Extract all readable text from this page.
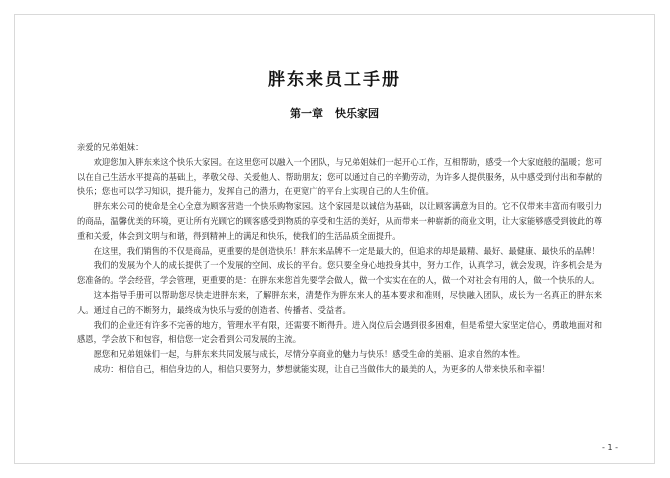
胖东来员工手册
第一章 快乐家园

亲爱的兄弟姐妹：

欢迎您加入胖东来这个快乐大家园。在这里您可以融入一个团队，与兄弟姐妹们一起开心工作，互相帮助，感受一个大家庭般的温暖；您可以在自己生活水平提高的基础上，孝敬父母、关爱他人、帮助朋友；您可以通过自己的辛勤劳动，为许多人提供服务，从中感受到付出和奉献的快乐；您也可以学习知识，提升能力，发挥自己的潜力，在更宽广的平台上实现自己的人生价值。

胖东来公司的使命是全心全意为顾客营造一个快乐购物家园。这个家园是以诚信为基础，以让顾客满意为目的。它不仅带来丰富而有吸引力的商品，温馨优美的环境，更让所有光顾它的顾客感受到物质的享受和生活的美好，从而带来一种崭新的商业文明，让大家能够感受到彼此的尊重和关爱，体会到文明与和谐，得到精神上的满足和快乐，使我们的生活品质全面提升。

在这里，我们销售的不仅是商品，更重要的是创造快乐！胖东来品牌不一定是最大的，但追求的却是最精、最好、最健康、最快乐的品牌！

我们的发展为个人的成长提供了一个发展的空间、成长的平台。您只要全身心地投身其中，努力工作，认真学习，就会发现，许多机会是为您准备的。学会经营，学会管理，更重要的是：在胖东来您首先要学会做人，做一个实实在在的人，做一个对社会有用的人，做一个快乐的人。

这本指导手册可以帮助您尽快走进胖东来，了解胖东来，清楚作为胖东来人的基本要求和准则，尽快融入团队，成长为一名真正的胖东来人。通过自己的不断努力，最终成为快乐与爱的创造者、传播者、受益者。

我们的企业还有许多不完善的地方，管理水平有限，还需要不断得升。进入岗位后会遇到很多困难，但是希望大家坚定信心，勇敢地面对和感恩，学会放下和包容，相信您一定会看到公司发展的主流。

愿您和兄弟姐妹们一起，与胖东来共同发展与成长，尽情分享商业的魅力与快乐！感受生命的美丽、追求自然的本性。

成功：相信自己，相信身边的人，相信只要努力，梦想就能实现，让自己当做伟大的最美的人，为更多的人带来快乐和幸福！

- 1 -
